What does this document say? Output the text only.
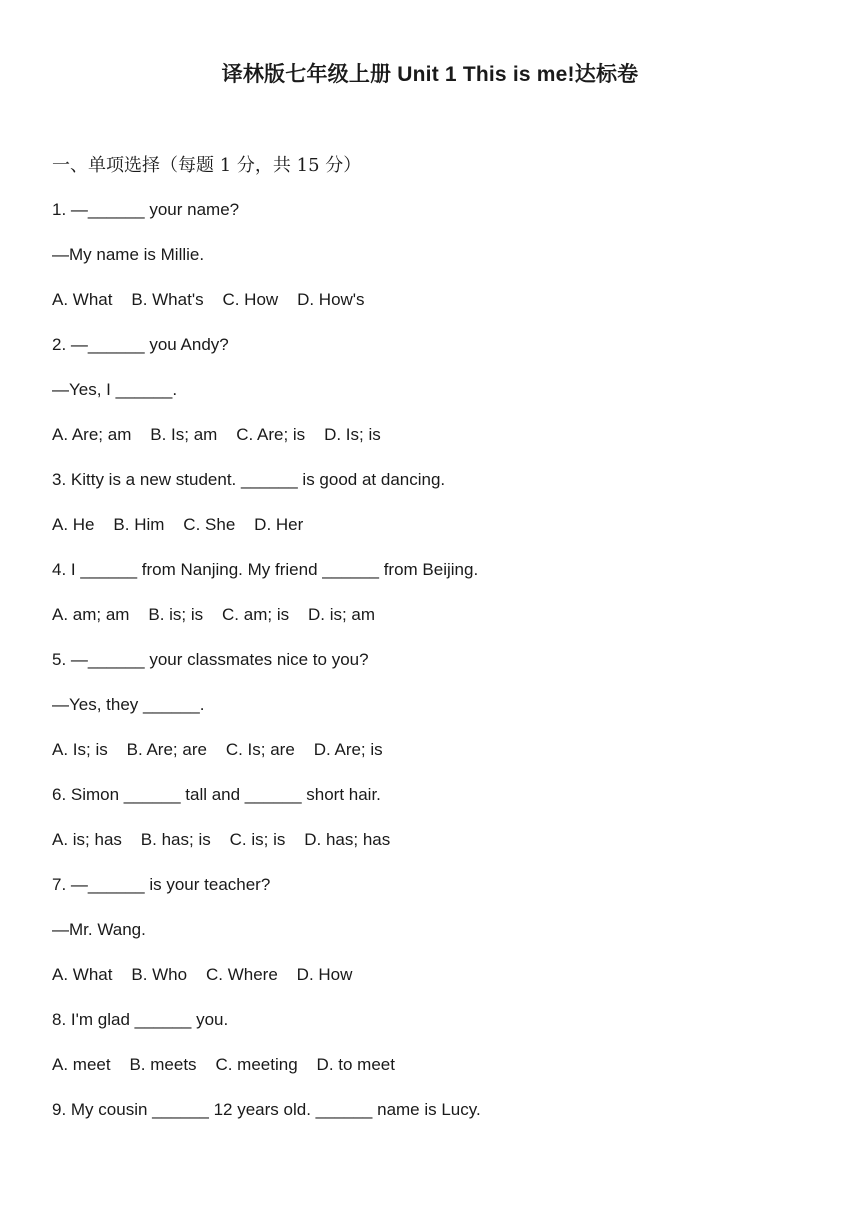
译林版七年级上册 Unit 1 This is me!达标卷
一、单项选择（每题 1 分，共 15 分）
1. —______ your name?
—My name is Millie.
A. What    B. What's    C. How    D. How's
2. —______ you Andy?
—Yes, I ______.
A. Are; am    B. Is; am    C. Are; is    D. Is; is
3. Kitty is a new student. ______ is good at dancing.
A. He    B. Him    C. She    D. Her
4. I ______ from Nanjing. My friend ______ from Beijing.
A. am; am    B. is; is    C. am; is    D. is; am
5. —______ your classmates nice to you?
—Yes, they ______.
A. Is; is    B. Are; are    C. Is; are    D. Are; is
6. Simon ______ tall and ______ short hair.
A. is; has    B. has; is    C. is; is    D. has; has
7. —______ is your teacher?
—Mr. Wang.
A. What    B. Who    C. Where    D. How
8. I'm glad ______ you.
A. meet    B. meets    C. meeting    D. to meet
9. My cousin ______ 12 years old. ______ name is Lucy.
